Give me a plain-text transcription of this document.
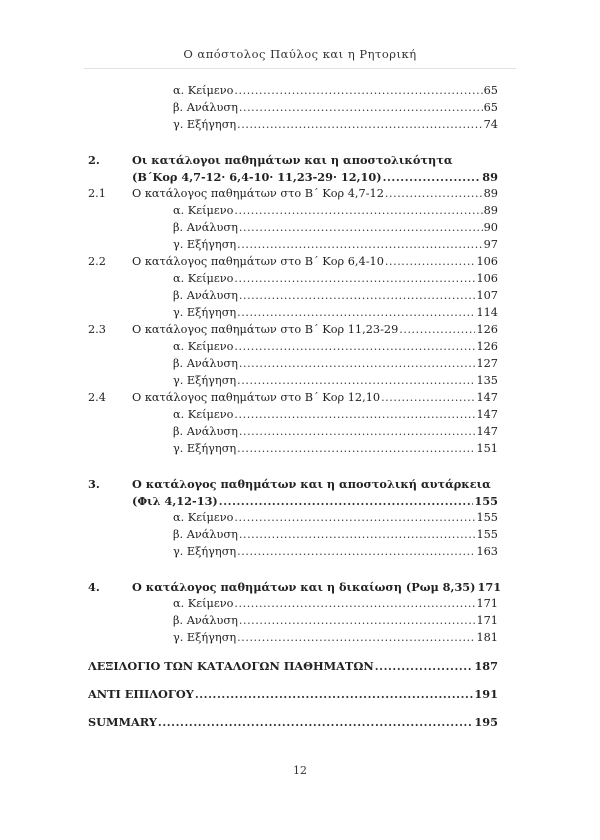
Ο απόστολος Παύλος και η Ρητορική
α. Κείμενο .....	65
β. Ανάλυση .....	65
γ. Εξήγηση .....	74
2.	Οι κατάλογοι παθημάτων και η αποστολικότητα
(Β΄Κορ 4,7-12· 6,4-10· 11,23-29· 12,10) .....	89
2.1 Ο κατάλογος παθημάτων στο Β΄ Κορ 4,7-12 .....	89
α. Κείμενο .....	89
β. Ανάλυση .....	90
γ. Εξήγηση .....	97
2.2 Ο κατάλογος παθημάτων στο Β΄ Κορ 6,4-10 .....	106
α. Κείμενο .....	106
β. Ανάλυση .....	107
γ. Εξήγηση .....	114
2.3 Ο κατάλογος παθημάτων στο Β΄ Κορ 11,23-29 .....	126
α. Κείμενο .....	126
β. Ανάλυση .....	127
γ. Εξήγηση .....	135
2.4 Ο κατάλογος παθημάτων στο Β΄ Κορ 12,10 .....	147
α. Κείμενο .....	147
β. Ανάλυση .....	147
γ. Εξήγηση .....	151
3.	Ο κατάλογος παθημάτων και η αποστολική αυτάρκεια
(Φιλ 4,12-13) .....	155
α. Κείμενο .....	155
β. Ανάλυση .....	155
γ. Εξήγηση .....	163
4.	Ο κατάλογος παθημάτων και η δικαίωση (Ρωμ 8,35) 171
α. Κείμενο .....	171
β. Ανάλυση .....	171
γ. Εξήγηση .....	181
ΛΕΞΙΛΟΓΙΟ ΤΩΝ ΚΑΤΑΛΟΓΩΝ ΠΑΘΗΜΑΤΩΝ .....	187
ΑΝΤΙ ΕΠΙΛΟΓΟΥ .....	191
SUMMARY .....	195
12
